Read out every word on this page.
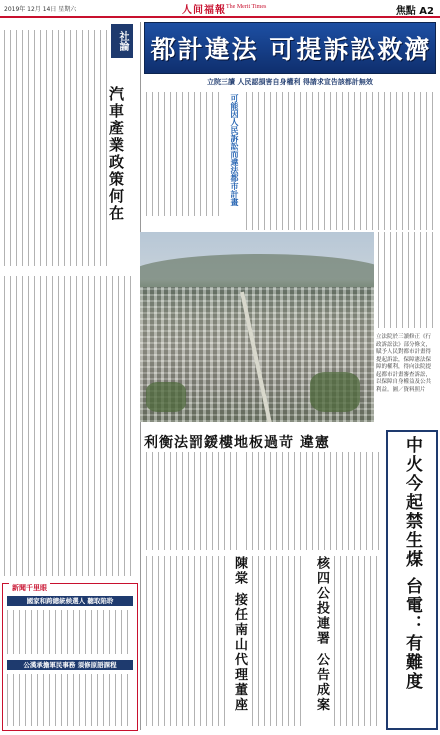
2019年 12月 14日 星期六	人间福報 The Merit Times	焦點 A2
社論
汽車產業政策何在
新聞千里眼
國家和跨總統候選人 聽取陷聆
公漢承擔軍民事務 須修原語課程
都計違法 可提訴訟救濟
立院三讀 人民認損害自身權利 得請求宣告該都計無效
可能因人民訴訟而違法都市計畫
立法院於三讀修正《行政訴訟法》部分條文，賦予人民對都市計畫得提起訴訟，保障憲法保障的權利，得向法院提起都市計畫審查訴訟，以保障自身權益及公共利益。圖／資料照片
利衡法罰鍰樓地板過苛 違憲
陳棠 接任南山代理董座	核四公投連署 公告成案	中火今起禁生煤 台電：有難度
